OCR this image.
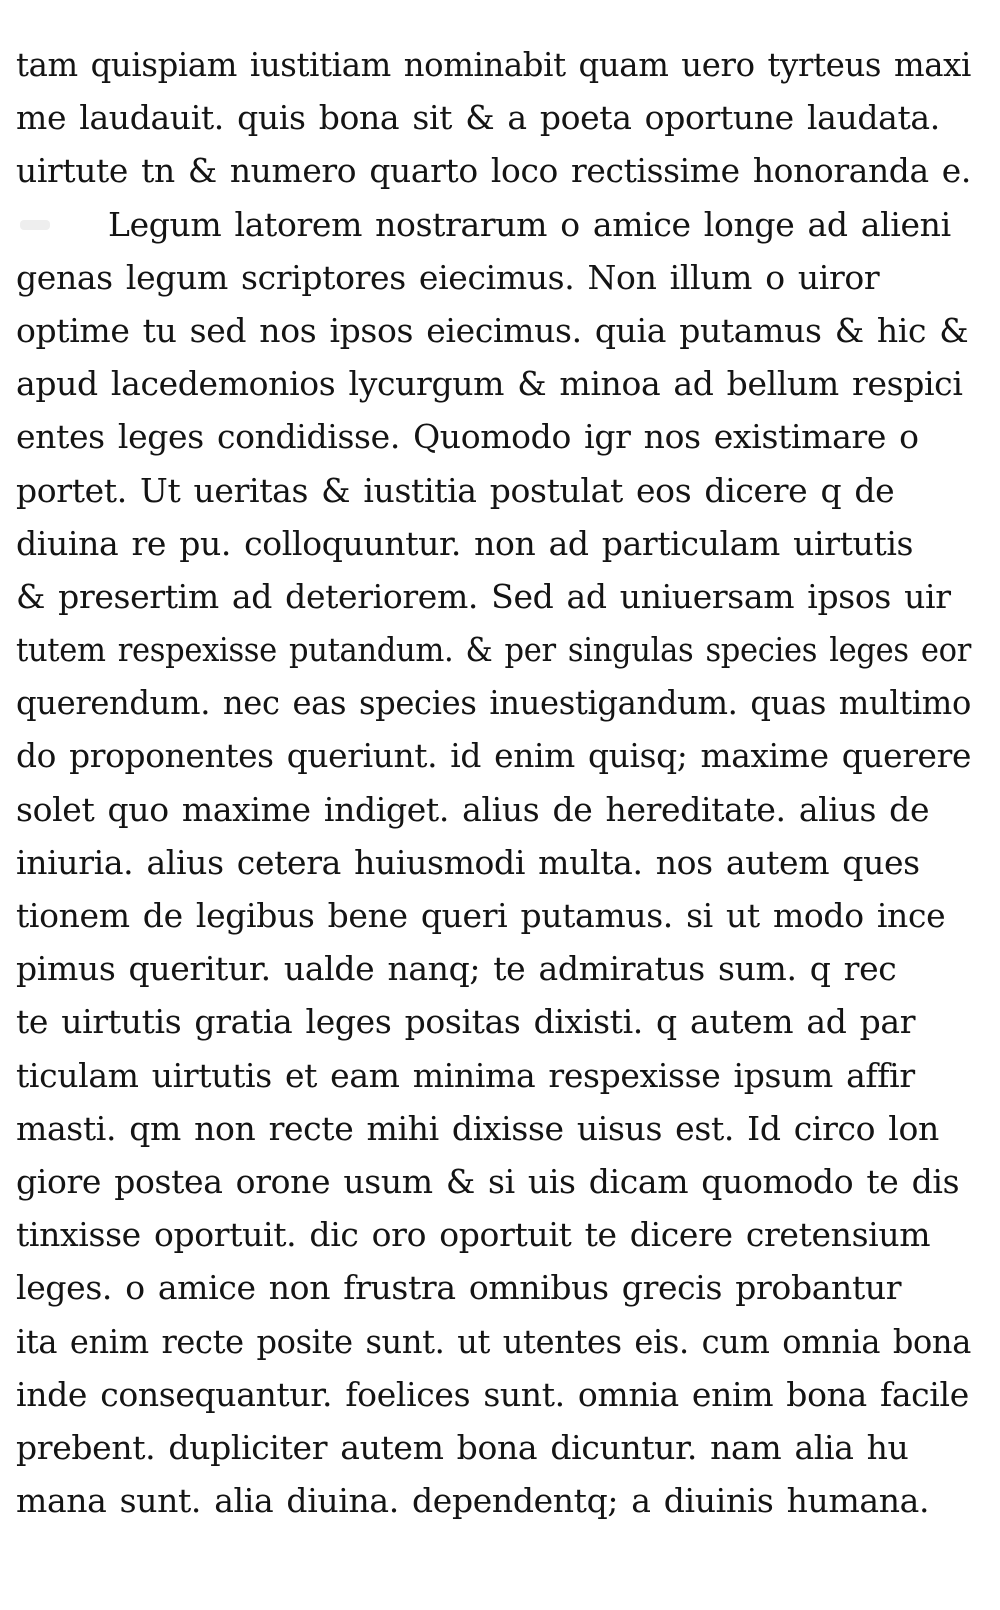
tam quispiam iustitiam nominabit quam uero tyrteus maxi
me laudauit. quis bona sit & a poeta oportune laudata.
uirtute tn & numero quarto loco rectissime honoranda e.
Legum latorem nostrarum o amice longe ad alieni
genas legum scriptores eiecimus. Non illum o uiror
optime tu sed nos ipsos eiecimus. quia putamus & hic &
apud lacedemonios lycurgum & minoa ad bellum respici
entes leges condidisse. Quomodo igr nos existimare o
portet. Ut ueritas & iustitia postulat eos dicere q de
diuina re pu. colloquuntur. non ad particulam uirtutis
& presertim ad deteriorem. Sed ad uniuersam ipsos uir
tutem respexisse putandum. & per singulas species leges eor
querendum. nec eas species inuestigandum. quas multimo
do proponentes queriunt. id enim quisq; maxime querere
solet quo maxime indiget. alius de hereditate. alius de
iniuria. alius cetera huiusmodi multa. nos autem ques
tionem de legibus bene queri putamus. si ut modo ince
pimus queritur. ualde nanq; te admiratus sum. q rec
te uirtutis gratia leges positas dixisti. q autem ad par
ticulam uirtutis et eam minima respexisse ipsum affir
masti. qm non recte mihi dixisse uisus est. Id circo lon
giore postea orone usum & si uis dicam quomodo te dis
tinxisse oportuit. dic oro oportuit te dicere cretensium
leges. o amice non frustra omnibus grecis probantur
ita enim recte posite sunt. ut utentes eis. cum omnia bona
inde consequantur. foelices sunt. omnia enim bona facile
prebent. dupliciter autem bona dicuntur. nam alia hu
mana sunt. alia diuina. dependentq; a diuinis humana.
